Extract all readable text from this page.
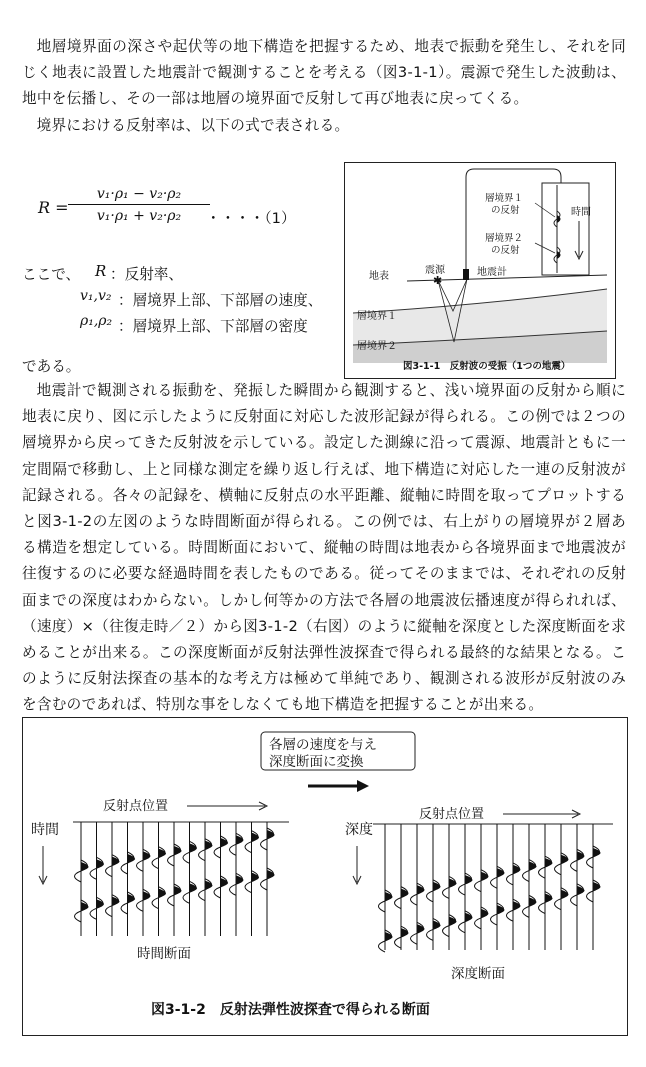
地層境界面の深さや起伏等の地下構造を把握するため、地表で振動を発生し、それを同じく地表に設置した地震計で観測することを考える（図3-1-1）。震源で発生した波動は、地中を伝播し、その一部は地層の境界面で反射して再び地表に戻ってくる。

境界における反射率は、以下の式で表される。

R =
v₁·ρ₁ − v₂·ρ₂
v₁·ρ₁ + v₂·ρ₂	・・・・（1）
ここで、 R ：反射率、
v₁,v₂ ：層境界上部、下部層の速度、
ρ₁,ρ₂ ：層境界上部、下部層の密度
✱
層境界１
の反射
層境界２
の反射
時間
地表
震源	地震計
層境界１
層境界２
図3-1-1　反射波の受振（1つの地震）
である。

地震計で観測される振動を、発振した瞬間から観測すると、浅い境界面の反射から順に地表に戻り、図に示したように反射面に対応した波形記録が得られる。この例では２つの層境界から戻ってきた反射波を示している。設定した測線に沿って震源、地震計ともに一定間隔で移動し、上と同様な測定を繰り返し行えば、地下構造に対応した一連の反射波が記録される。各々の記録を、横軸に反射点の水平距離、縦軸に時間を取ってプロットすると図3-1-2の左図のような時間断面が得られる。この例では、右上がりの層境界が２層ある構造を想定している。時間断面において、縦軸の時間は地表から各境界面まで地震波が往復するのに必要な経過時間を表したものである。従ってそのままでは、それぞれの反射面までの深度はわからない。しかし何等かの方法で各層の地震波伝播速度が得られれば、（速度）×（往復走時／２）から図3-1-2（右図）のように縦軸を深度とした深度断面を求めることが出来る。この深度断面が反射法弾性波探査で得られる最終的な結果となる。このように反射法探査の基本的な考え方は極めて単純であり、観測される波形が反射波のみを含むのであれば、特別な事をしなくても地下構造を把握することが出来る。

各層の速度を与え
深度断面に変換
反射点位置
時間
時間断面
反射点位置
深度
深度断面
図3-1-2　反射法弾性波探査で得られる断面
